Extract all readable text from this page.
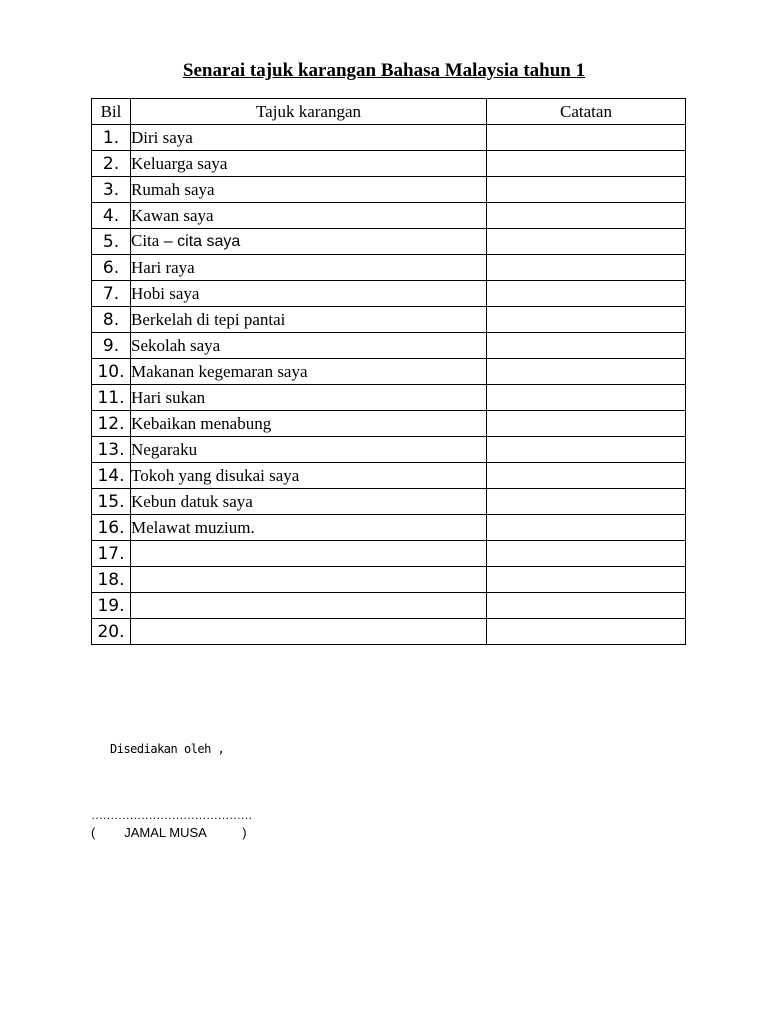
Senarai tajuk karangan Bahasa Malaysia tahun 1
Bil	Tajuk karangan	Catatan
1.	Diri saya	
2.	Keluarga saya	
3.	Rumah saya	
4.	Kawan saya	
5.	Cita – cita saya	
6.	Hari raya	
7.	Hobi saya	
8.	Berkelah di tepi pantai	
9.	Sekolah saya	
10.	Makanan kegemaran saya	
11.	Hari sukan	
12.	Kebaikan menabung	
13.	Negaraku	
14.	Tokoh yang disukai saya	
15.	Kebun datuk saya	
16.	Melawat muzium.	
17.		
18.		
19.		
20.		
Disediakan oleh ,
……………………………………
(        JAMAL MUSA          )
